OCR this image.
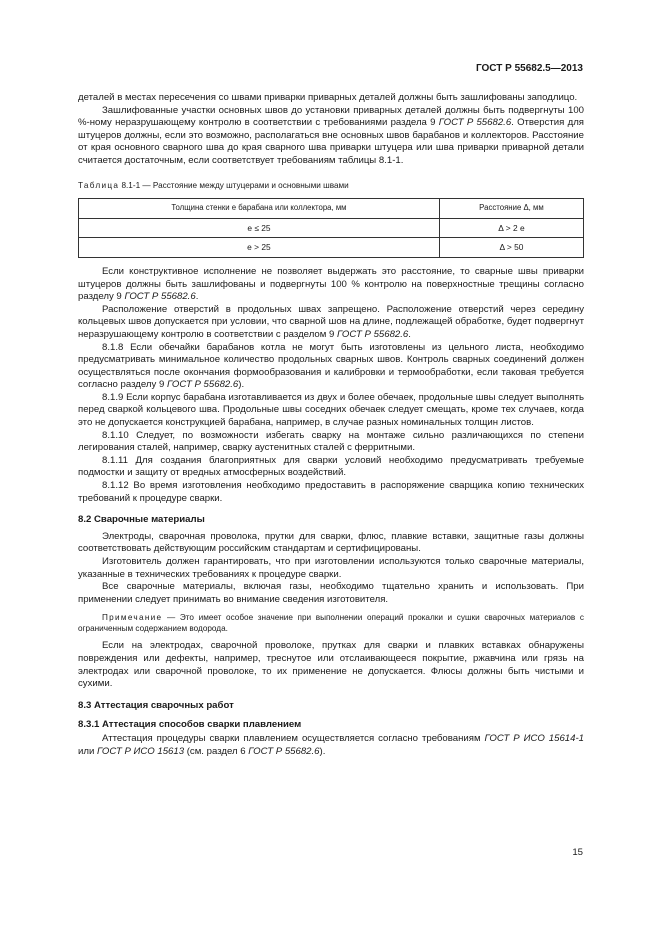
ГОСТ Р 55682.5—2013

деталей в местах пересечения со швами приварки приварных деталей должны быть зашлифованы заподлицо.

Зашлифованные участки основных швов до установки приварных деталей должны быть подвергнуты 100 %-ному неразрушающему контролю в соответствии с требованиями раздела 9 ГОСТ Р 55682.6. Отверстия для штуцеров должны, если это возможно, располагаться вне основных швов барабанов и коллекторов. Расстояние от края основного сварного шва до края сварного шва приварки штуцера или шва приварки приварной детали считается достаточным, если соответствует требованиям таблицы 8.1-1.

Таблица 8.1-1 — Расстояние между штуцерами и основными швами
Толщина стенки e барабана или коллектора, мм	Расстояние Δ, мм
e ≤ 25	Δ > 2 e
e > 25	Δ > 50

Если конструктивное исполнение не позволяет выдержать это расстояние, то сварные швы приварки штуцеров должны быть зашлифованы и подвергнуты 100 % контролю на поверхностные трещины согласно разделу 9 ГОСТ Р 55682.6.

Расположение отверстий в продольных швах запрещено. Расположение отверстий через середину кольцевых швов допускается при условии, что сварной шов на длине, подлежащей обработке, будет подвергнут неразрушающему контролю в соответствии с разделом 9 ГОСТ Р 55682.6.

8.1.8 Если обечайки барабанов котла не могут быть изготовлены из цельного листа, необходимо предусматривать минимальное количество продольных сварных швов. Контроль сварных соединений должен осуществляться после окончания формообразования и калибровки и термообработки, если таковая требуется согласно разделу 9 ГОСТ Р 55682.6).

8.1.9 Если корпус барабана изготавливается из двух и более обечаек, продольные швы следует выполнять перед сваркой кольцевого шва. Продольные швы соседних обечаек следует смещать, кроме тех случаев, когда это не допускается конструкцией барабана, например, в случае разных номинальных толщин листов.

8.1.10 Следует, по возможности избегать сварку на монтаже сильно различающихся по степени легирования сталей, например, сварку аустенитных сталей с ферритными.

8.1.11 Для создания благоприятных для сварки условий необходимо предусматривать требуемые подмостки и защиту от вредных атмосферных воздействий.

8.1.12 Во время изготовления необходимо предоставить в распоряжение сварщика копию технических требований к процедуре сварки.

8.2 Сварочные материалы

Электроды, сварочная проволока, прутки для сварки, флюс, плавкие вставки, защитные газы должны соответствовать действующим российским стандартам и сертифицированы.

Изготовитель должен гарантировать, что при изготовлении используются только сварочные материалы, указанные в технических требованиях к процедуре сварки.

Все сварочные материалы, включая газы, необходимо тщательно хранить и использовать. При применении следует принимать во внимание сведения изготовителя.

Примечание — Это имеет особое значение при выполнении операций прокалки и сушки сварочных материалов с ограниченным содержанием водорода.

Если на электродах, сварочной проволоке, прутках для сварки и плавких вставках обнаружены повреждения или дефекты, например, треснутое или отслаивающееся покрытие, ржавчина или грязь на электродах или сварочной проволоке, то их применение не допускается. Флюсы должны быть чистыми и сухими.

8.3 Аттестация сварочных работ
8.3.1 Аттестация способов сварки плавлением

Аттестация процедуры сварки плавлением осуществляется согласно требованиям ГОСТ Р ИСО 15614-1 или ГОСТ Р ИСО 15613 (см. раздел 6 ГОСТ Р 55682.6).

15
